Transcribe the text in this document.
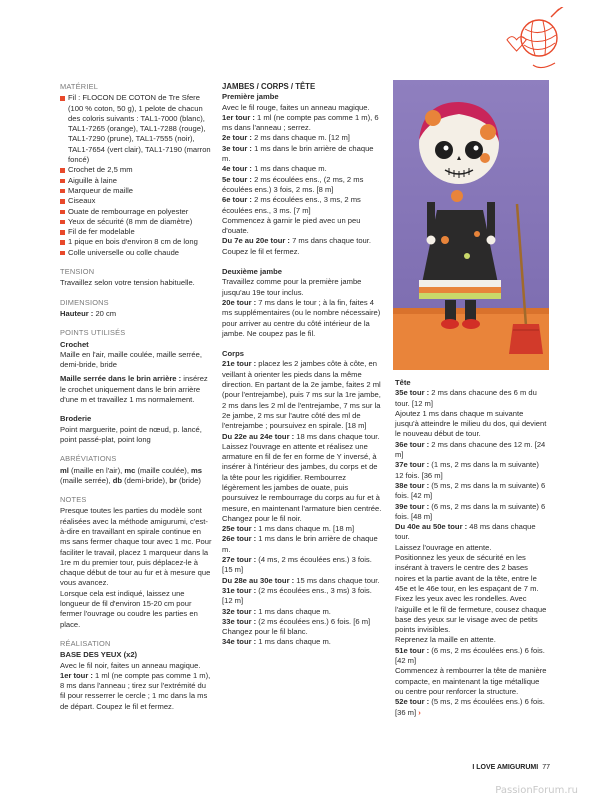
MATÉRIEL
Fil : FLOCON DE COTON de Tre Sfere (100 % coton, 50 g), 1 pelote de chacun des coloris suivants : TAL1-7000 (blanc), TAL1-7265 (orange), TAL1-7288 (rouge), TAL1-7290 (prune), TAL1-7555 (noir), TAL1-7654 (vert clair), TAL1-7190 (marron foncé)
Crochet de 2,5 mm
Aiguille à laine
Marqueur de maille
Ciseaux
Ouate de rembourrage en polyester
Yeux de sécurité (8 mm de diamètre)
Fil de fer modelable
1 pique en bois d'environ 8 cm de long
Colle universelle ou colle chaude
TENSION

Travaillez selon votre tension habituelle.

DIMENSIONS

Hauteur : 20 cm

POINTS UTILISÉS

Crochet

Maille en l'air, maille coulée, maille serrée, demi-bride, bride

Maille serrée dans le brin arrière : insérez le crochet uniquement dans le brin arrière d'une m et travaillez 1 ms normalement.

Broderie

Point marguerite, point de nœud, p. lancé, point passé-plat, point long

ABRÉVIATIONS

ml (maille en l'air), mc (maille coulée), ms (maille serrée), db (demi-bride), br (bride)

NOTES

Presque toutes les parties du modèle sont réalisées avec la méthode amigurumi, c'est-à-dire en travaillant en spirale continue en ms sans fermer chaque tour avec 1 mc. Pour faciliter le travail, placez 1 marqueur dans la 1re m du premier tour, puis déplacez-le à chaque début de tour au fur et à mesure que vous avancez.

Lorsque cela est indiqué, laissez une longueur de fil d'environ 15-20 cm pour fermer l'ouvrage ou coudre les parties en place.

RÉALISATION

BASE DES YEUX (x2)

Avec le fil noir, faites un anneau magique.

1er tour : 1 ml (ne compte pas comme 1 m), 8 ms dans l'anneau ; tirez sur l'extrémité du fil pour resserrer le cercle ; 1 mc dans la ms de départ. Coupez le fil et fermez.

JAMBES / CORPS / TÊTE

Première jambe

Avec le fil rouge, faites un anneau magique.

1er tour : 1 ml (ne compte pas comme 1 m), 6 ms dans l'anneau ; serrez.

2e tour : 2 ms dans chaque m. [12 m]

3e tour : 1 ms dans le brin arrière de chaque m.

4e tour : 1 ms dans chaque m.

5e tour : 2 ms écoulées ens., (2 ms, 2 ms écoulées ens.) 3 fois, 2 ms. [8 m]

6e tour : 2 ms écoulées ens., 3 ms, 2 ms écoulées ens., 3 ms. [7 m]

Commencez à garnir le pied avec un peu d'ouate.

Du 7e au 20e tour : 7 ms dans chaque tour. Coupez le fil et fermez.

Deuxième jambe

Travaillez comme pour la première jambe jusqu'au 19e tour inclus.

20e tour : 7 ms dans le tour ; à la fin, faites 4 ms supplémentaires (ou le nombre nécessaire) pour arriver au centre du côté intérieur de la jambe. Ne coupez pas le fil.

Corps

21e tour : placez les 2 jambes côte à côte, en veillant à orienter les pieds dans la même direction. En partant de la 2e jambe, faites 2 ml (pour l'entrejambe), puis 7 ms sur la 1re jambe, 2 ms dans les 2 ml de l'entrejambe, 7 ms sur la 2e jambe, 2 ms sur l'autre côté des ml de l'entrejambe ; poursuivez en spirale. [18 m]

Du 22e au 24e tour : 18 ms dans chaque tour.

Laissez l'ouvrage en attente et réalisez une armature en fil de fer en forme de Y inversé, à insérer à l'intérieur des jambes, du corps et de la tête pour les rigidifier. Rembourrez légèrement les jambes de ouate, puis poursuivez le rembourrage du corps au fur et à mesure, en maintenant l'armature bien centrée.

Changez pour le fil noir.

25e tour : 1 ms dans chaque m. [18 m]

26e tour : 1 ms dans le brin arrière de chaque m.

27e tour : (4 ms, 2 ms écoulées ens.) 3 fois. [15 m]

Du 28e au 30e tour : 15 ms dans chaque tour.

31e tour : (2 ms écoulées ens., 3 ms) 3 fois. [12 m]

32e tour : 1 ms dans chaque m.

33e tour : (2 ms écoulées ens.) 6 fois. [6 m]

Changez pour le fil blanc.

34e tour : 1 ms dans chaque m.

Tête

35e tour : 2 ms dans chacune des 6 m du tour. [12 m]

Ajoutez 1 ms dans chaque m suivante jusqu'à atteindre le milieu du dos, qui devient le nouveau début de tour.

36e tour : 2 ms dans chacune des 12 m. [24 m]

37e tour : (1 ms, 2 ms dans la m suivante) 12 fois. [36 m]

38e tour : (5 ms, 2 ms dans la m suivante) 6 fois. [42 m]

39e tour : (6 ms, 2 ms dans la m suivante) 6 fois. [48 m]

Du 40e au 50e tour : 48 ms dans chaque tour.

Laissez l'ouvrage en attente.

Positionnez les yeux de sécurité en les insérant à travers le centre des 2 bases noires et la partie avant de la tête, entre le 45e et le 46e tour, en les espaçant de 7 m. Fixez les yeux avec les rondelles. Avec l'aiguille et le fil de fermeture, cousez chaque base des yeux sur le visage avec de petits points invisibles.

Reprenez la maille en attente.

51e tour : (6 ms, 2 ms écoulées ens.) 6 fois. [42 m]

Commencez à rembourrer la tête de manière compacte, en maintenant la tige métallique ou centre pour renforcer la structure.

52e tour : (5 ms, 2 ms écoulées ens.) 6 fois. [36 m] ›

I LOVE AMIGURUMI 77
PassionForum.ru
